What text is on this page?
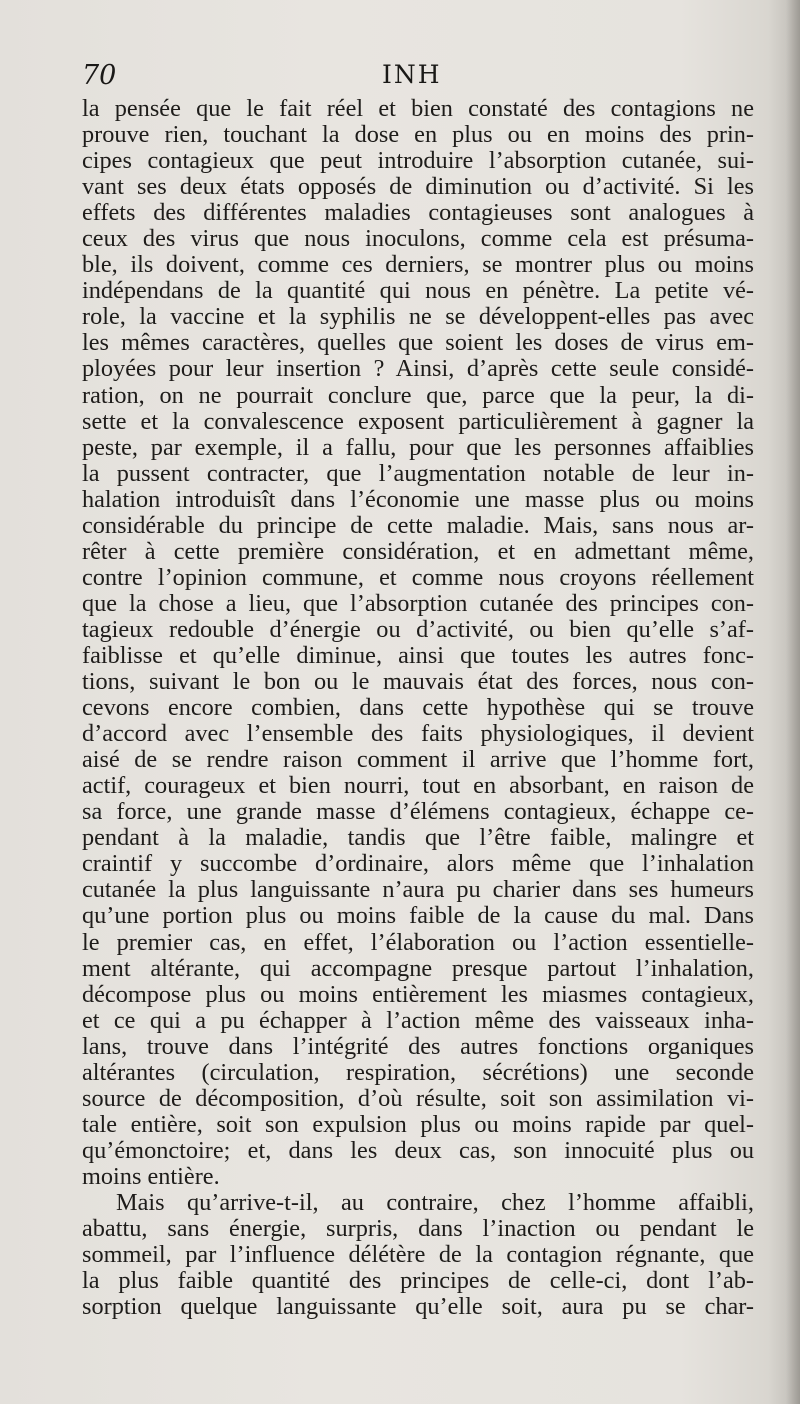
70	INH
la pensée que le fait réel et bien constaté des contagions ne
prouve rien, touchant la dose en plus ou en moins des prin-
cipes contagieux que peut introduire l’absorption cutanée, sui-
vant ses deux états opposés de diminution ou d’activité. Si les
effets des différentes maladies contagieuses sont analogues à
ceux des virus que nous inoculons, comme cela est présuma-
ble, ils doivent, comme ces derniers, se montrer plus ou moins
indépendans de la quantité qui nous en pénètre. La petite vé-
role, la vaccine et la syphilis ne se développent-elles pas avec
les mêmes caractères, quelles que soient les doses de virus em-
ployées pour leur insertion ? Ainsi, d’après cette seule considé-
ration, on ne pourrait conclure que, parce que la peur, la di-
sette et la convalescence exposent particulièrement à gagner la
peste, par exemple, il a fallu, pour que les personnes affaiblies
la pussent contracter, que l’augmentation notable de leur in-
halation introduisît dans l’économie une masse plus ou moins
considérable du principe de cette maladie. Mais, sans nous ar-
rêter à cette première considération, et en admettant même,
contre l’opinion commune, et comme nous croyons réellement
que la chose a lieu, que l’absorption cutanée des principes con-
tagieux redouble d’énergie ou d’activité, ou bien qu’elle s’af-
faiblisse et qu’elle diminue, ainsi que toutes les autres fonc-
tions, suivant le bon ou le mauvais état des forces, nous con-
cevons encore combien, dans cette hypothèse qui se trouve
d’accord avec l’ensemble des faits physiologiques, il devient
aisé de se rendre raison comment il arrive que l’homme fort,
actif, courageux et bien nourri, tout en absorbant, en raison de
sa force, une grande masse d’élémens contagieux, échappe ce-
pendant à la maladie, tandis que l’être faible, malingre et
craintif y succombe d’ordinaire, alors même que l’inhalation
cutanée la plus languissante n’aura pu charier dans ses humeurs
qu’une portion plus ou moins faible de la cause du mal. Dans
le premier cas, en effet, l’élaboration ou l’action essentielle-
ment altérante, qui accompagne presque partout l’inhalation,
décompose plus ou moins entièrement les miasmes contagieux,
et ce qui a pu échapper à l’action même des vaisseaux inha-
lans, trouve dans l’intégrité des autres fonctions organiques
altérantes (circulation, respiration, sécrétions) une seconde
source de décomposition, d’où résulte, soit son assimilation vi-
tale entière, soit son expulsion plus ou moins rapide par quel-
qu’émonctoire; et, dans les deux cas, son innocuité plus ou
moins entière.
Mais qu’arrive-t-il, au contraire, chez l’homme affaibli,
abattu, sans énergie, surpris, dans l’inaction ou pendant le
sommeil, par l’influence délétère de la contagion régnante, que
la plus faible quantité des principes de celle-ci, dont l’ab-
sorption quelque languissante qu’elle soit, aura pu se char-
